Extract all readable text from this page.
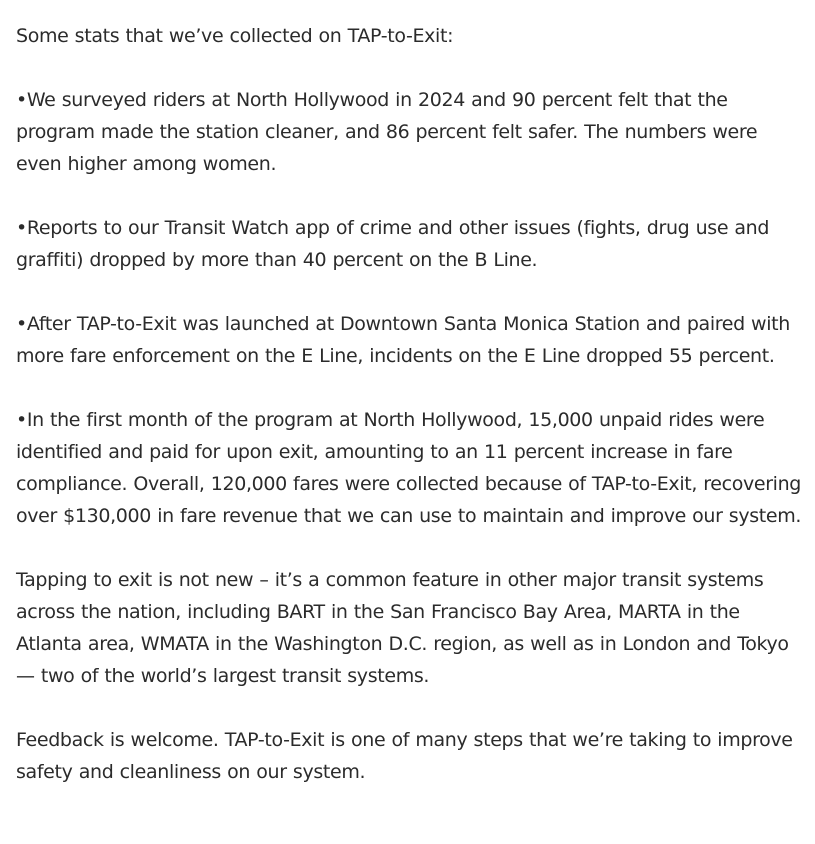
Some stats that we’ve collected on TAP-to-Exit:

•We surveyed riders at North Hollywood in 2024 and 90 percent felt that the program made the station cleaner, and 86 percent felt safer. The numbers were even higher among women.

•Reports to our Transit Watch app of crime and other issues (fights, drug use and graffiti) dropped by more than 40 percent on the B Line.

•After TAP-to-Exit was launched at Downtown Santa Monica Station and paired with more fare enforcement on the E Line, incidents on the E Line dropped 55 percent.

•In the first month of the program at North Hollywood, 15,000 unpaid rides were identified and paid for upon exit, amounting to an 11 percent increase in fare compliance. Overall, 120,000 fares were collected because of TAP-to-Exit, recovering over $130,000 in fare revenue that we can use to maintain and improve our system.

Tapping to exit is not new – it’s a common feature in other major transit systems across the nation, including BART in the San Francisco Bay Area, MARTA in the Atlanta area, WMATA in the Washington D.C. region, as well as in London and Tokyo — two of the world’s largest transit systems.

Feedback is welcome. TAP-to-Exit is one of many steps that we’re taking to improve safety and cleanliness on our system.
